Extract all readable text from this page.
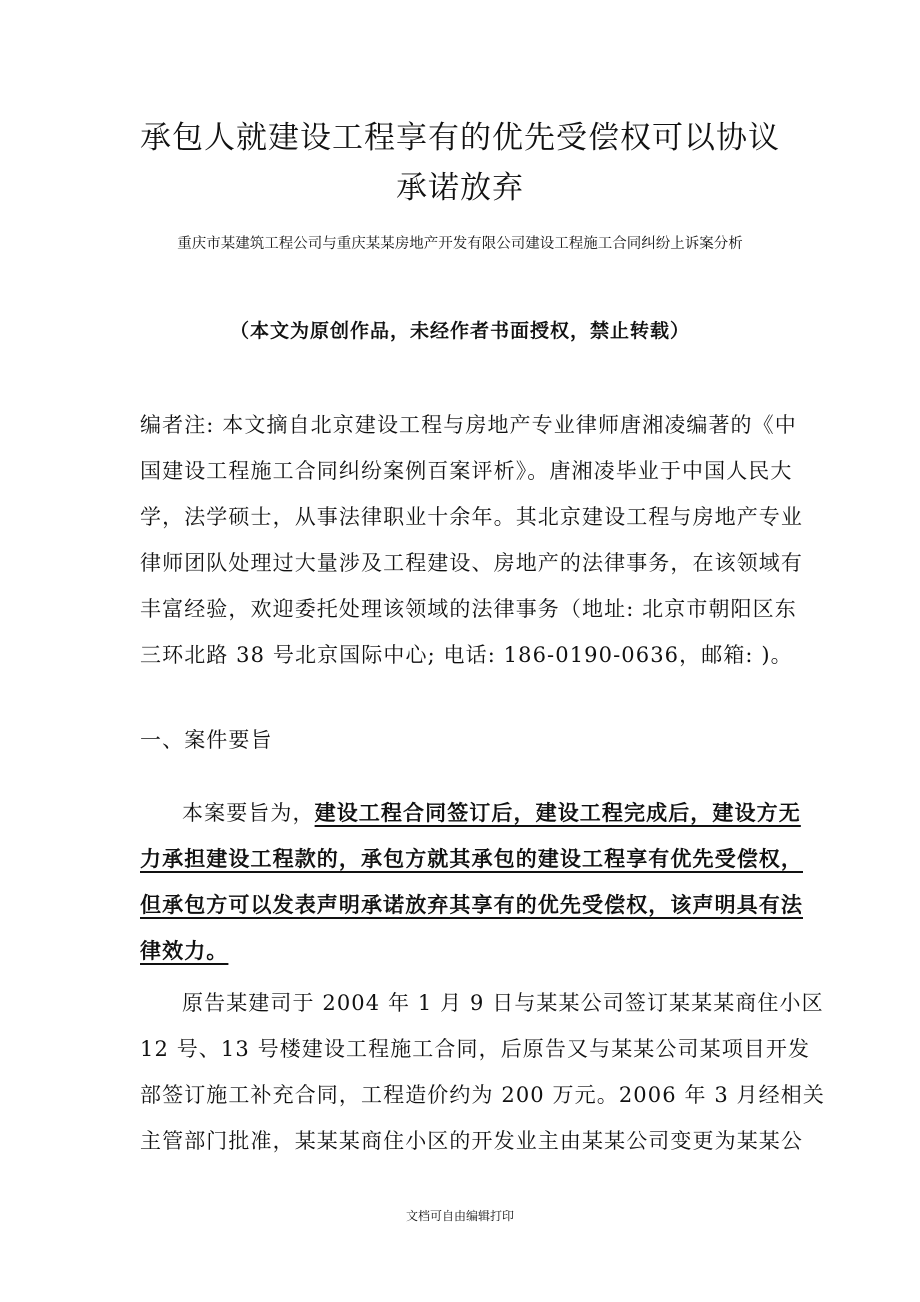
承包人就建设工程享有的优先受偿权可以协议
承诺放弃
重庆市某建筑工程公司与重庆某某房地产开发有限公司建设工程施工合同纠纷上诉案分析
（本文为原创作品，未经作者书面授权，禁止转载）
编者注: 本文摘自北京建设工程与房地产专业律师唐湘凌编著的《中
国建设工程施工合同纠纷案例百案评析》。唐湘凌毕业于中国人民大
学，法学硕士，从事法律职业十余年。其北京建设工程与房地产专业
律师团队处理过大量涉及工程建设、房地产的法律事务，在该领域有
丰富经验，欢迎委托处理该领域的法律事务（地址: 北京市朝阳区东
三环北路 38 号北京国际中心; 电话: 186-0190-0636，邮箱: )。
一、案件要旨
本案要旨为，建设工程合同签订后，建设工程完成后，建设方无
力承担建设工程款的，承包方就其承包的建设工程享有优先受偿权，
但承包方可以发表声明承诺放弃其享有的优先受偿权，该声明具有法
律效力。
原告某建司于 2004 年 1 月 9 日与某某公司签订某某某商住小区
12 号、13 号楼建设工程施工合同，后原告又与某某公司某项目开发
部签订施工补充合同，工程造价约为 200 万元。2006 年 3 月经相关
主管部门批准，某某某商住小区的开发业主由某某公司变更为某某公
文档可自由编辑打印
